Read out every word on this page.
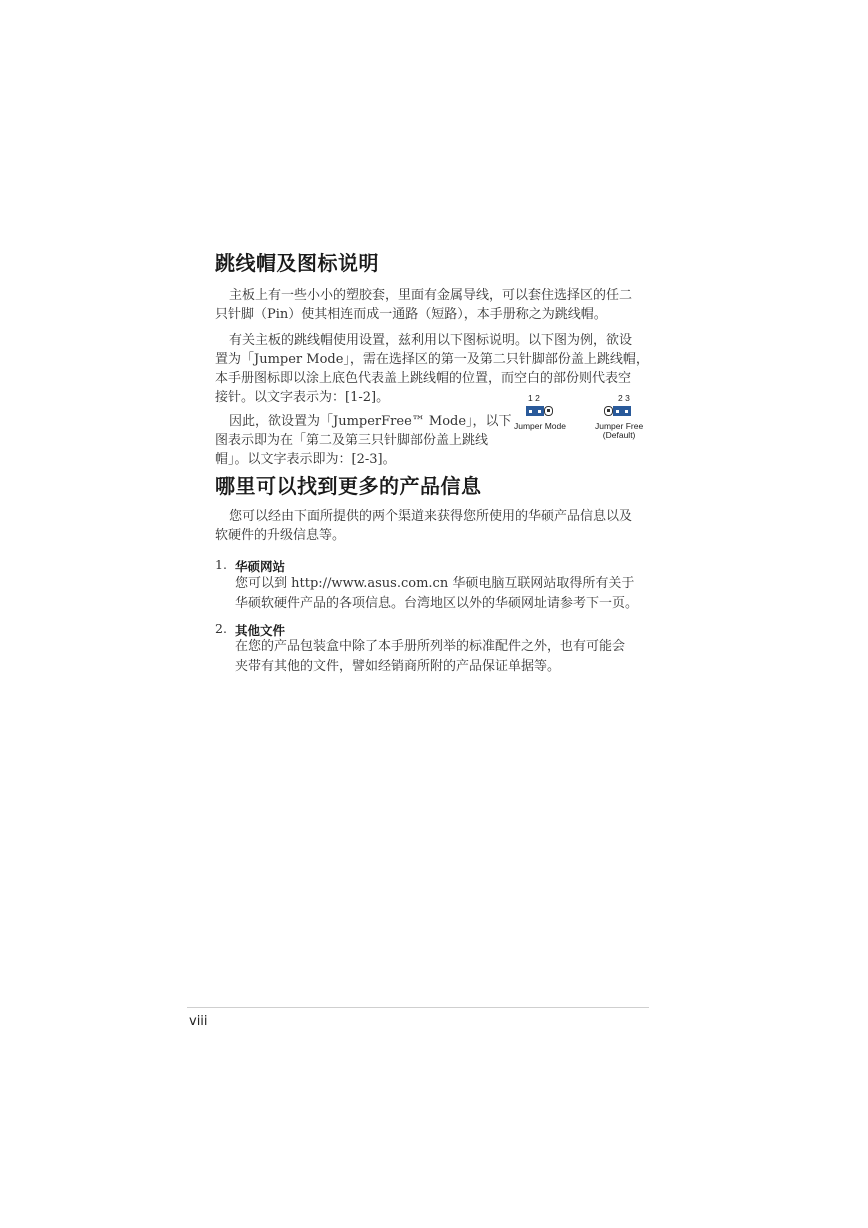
跳线帽及图标说明
主板上有一些小小的塑胶套，里面有金属导线，可以套住选择区的任二
只针脚（Pin）使其相连而成一通路（短路），本手册称之为跳线帽。
有关主板的跳线帽使用设置，兹利用以下图标说明。以下图为例，欲设
置为「Jumper Mode」，需在选择区的第一及第二只针脚部份盖上跳线帽，
本手册图标即以涂上底色代表盖上跳线帽的位置，而空白的部份则代表空
接针。以文字表示为：[1-2]。
因此，欲设置为「JumperFree™ Mode」，以下
图表示即为在「第二及第三只针脚部份盖上跳线
帽」。以文字表示即为：[2-3]。
1 2
Jumper Mode
2 3
Jumper Free
(Default)
哪里可以找到更多的产品信息
您可以经由下面所提供的两个渠道来获得您所使用的华硕产品信息以及
软硬件的升级信息等。
1. 华硕网站
您可以到 http://www.asus.com.cn 华硕电脑互联网站取得所有关于
华硕软硬件产品的各项信息。台湾地区以外的华硕网址请参考下一页。
2. 其他文件
在您的产品包装盒中除了本手册所列举的标准配件之外，也有可能会
夹带有其他的文件，譬如经销商所附的产品保证单据等。
viii
